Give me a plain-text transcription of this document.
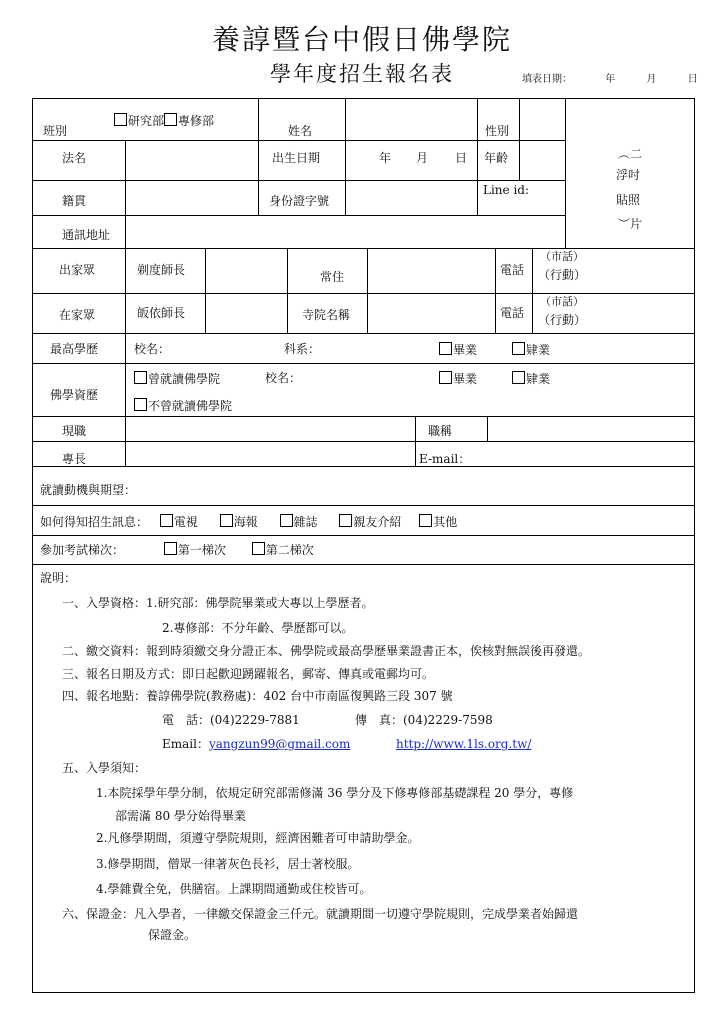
養諄暨台中假日佛學院
學年度招生報名表	填表日期：	年	月	日
班別
研究部 專修部
姓名	性別
法名	出生日期	年 月 日 年齡	︵二
浮吋
貼照
︶片
籍貫	身份證字號
Line id:
通訊地址
出家眾	剃度師長	常住	電話
（市話）
（行動）
在家眾	皈依師長	寺院名稱	電話
（市話）
（行動）
最高學歷	校名：	科系：	畢業	肄業
佛學資歷
曾就讀佛學院	校名：	畢業	肄業
不曾就讀佛學院
現職	職稱
專長	E-mail：
就讀動機與期望：
如何得知招生訊息： 電視	海報	雜誌	親友介紹	其他
參加考試梯次：	第一梯次	第二梯次
說明：
一、入學資格：1.研究部：佛學院畢業或大專以上學歷者。
2.專修部：不分年齡、學歷都可以。
二、繳交資料：報到時須繳交身分證正本、佛學院或最高學歷畢業證書正本，俟核對無誤後再發還。
三、報名日期及方式：即日起歡迎踴躍報名，郵寄、傳真或電郵均可。
四、報名地點：養諄佛學院(教務處)：402 台中市南區復興路三段 307 號
電　話：(04)2229-7881	傳　真：(04)2229-7598
Email：yangzun99@gmail.com	http://www.1ls.org.tw/
五、入學須知：
1.本院採學年學分制，依規定研究部需修滿 36 學分及下修專修部基礎課程 20 學分，專修
部需滿 80 學分始得畢業
2.凡修學期間，須遵守學院規則，經濟困難者可申請助學金。
3.修學期間，僧眾一律著灰色長衫，居士著校服。
4.學雜費全免，供膳宿。上課期間通勤或住校皆可。
六、保證金：凡入學者，一律繳交保證金三仟元。就讀期間一切遵守學院規則，完成學業者始歸還
保證金。
